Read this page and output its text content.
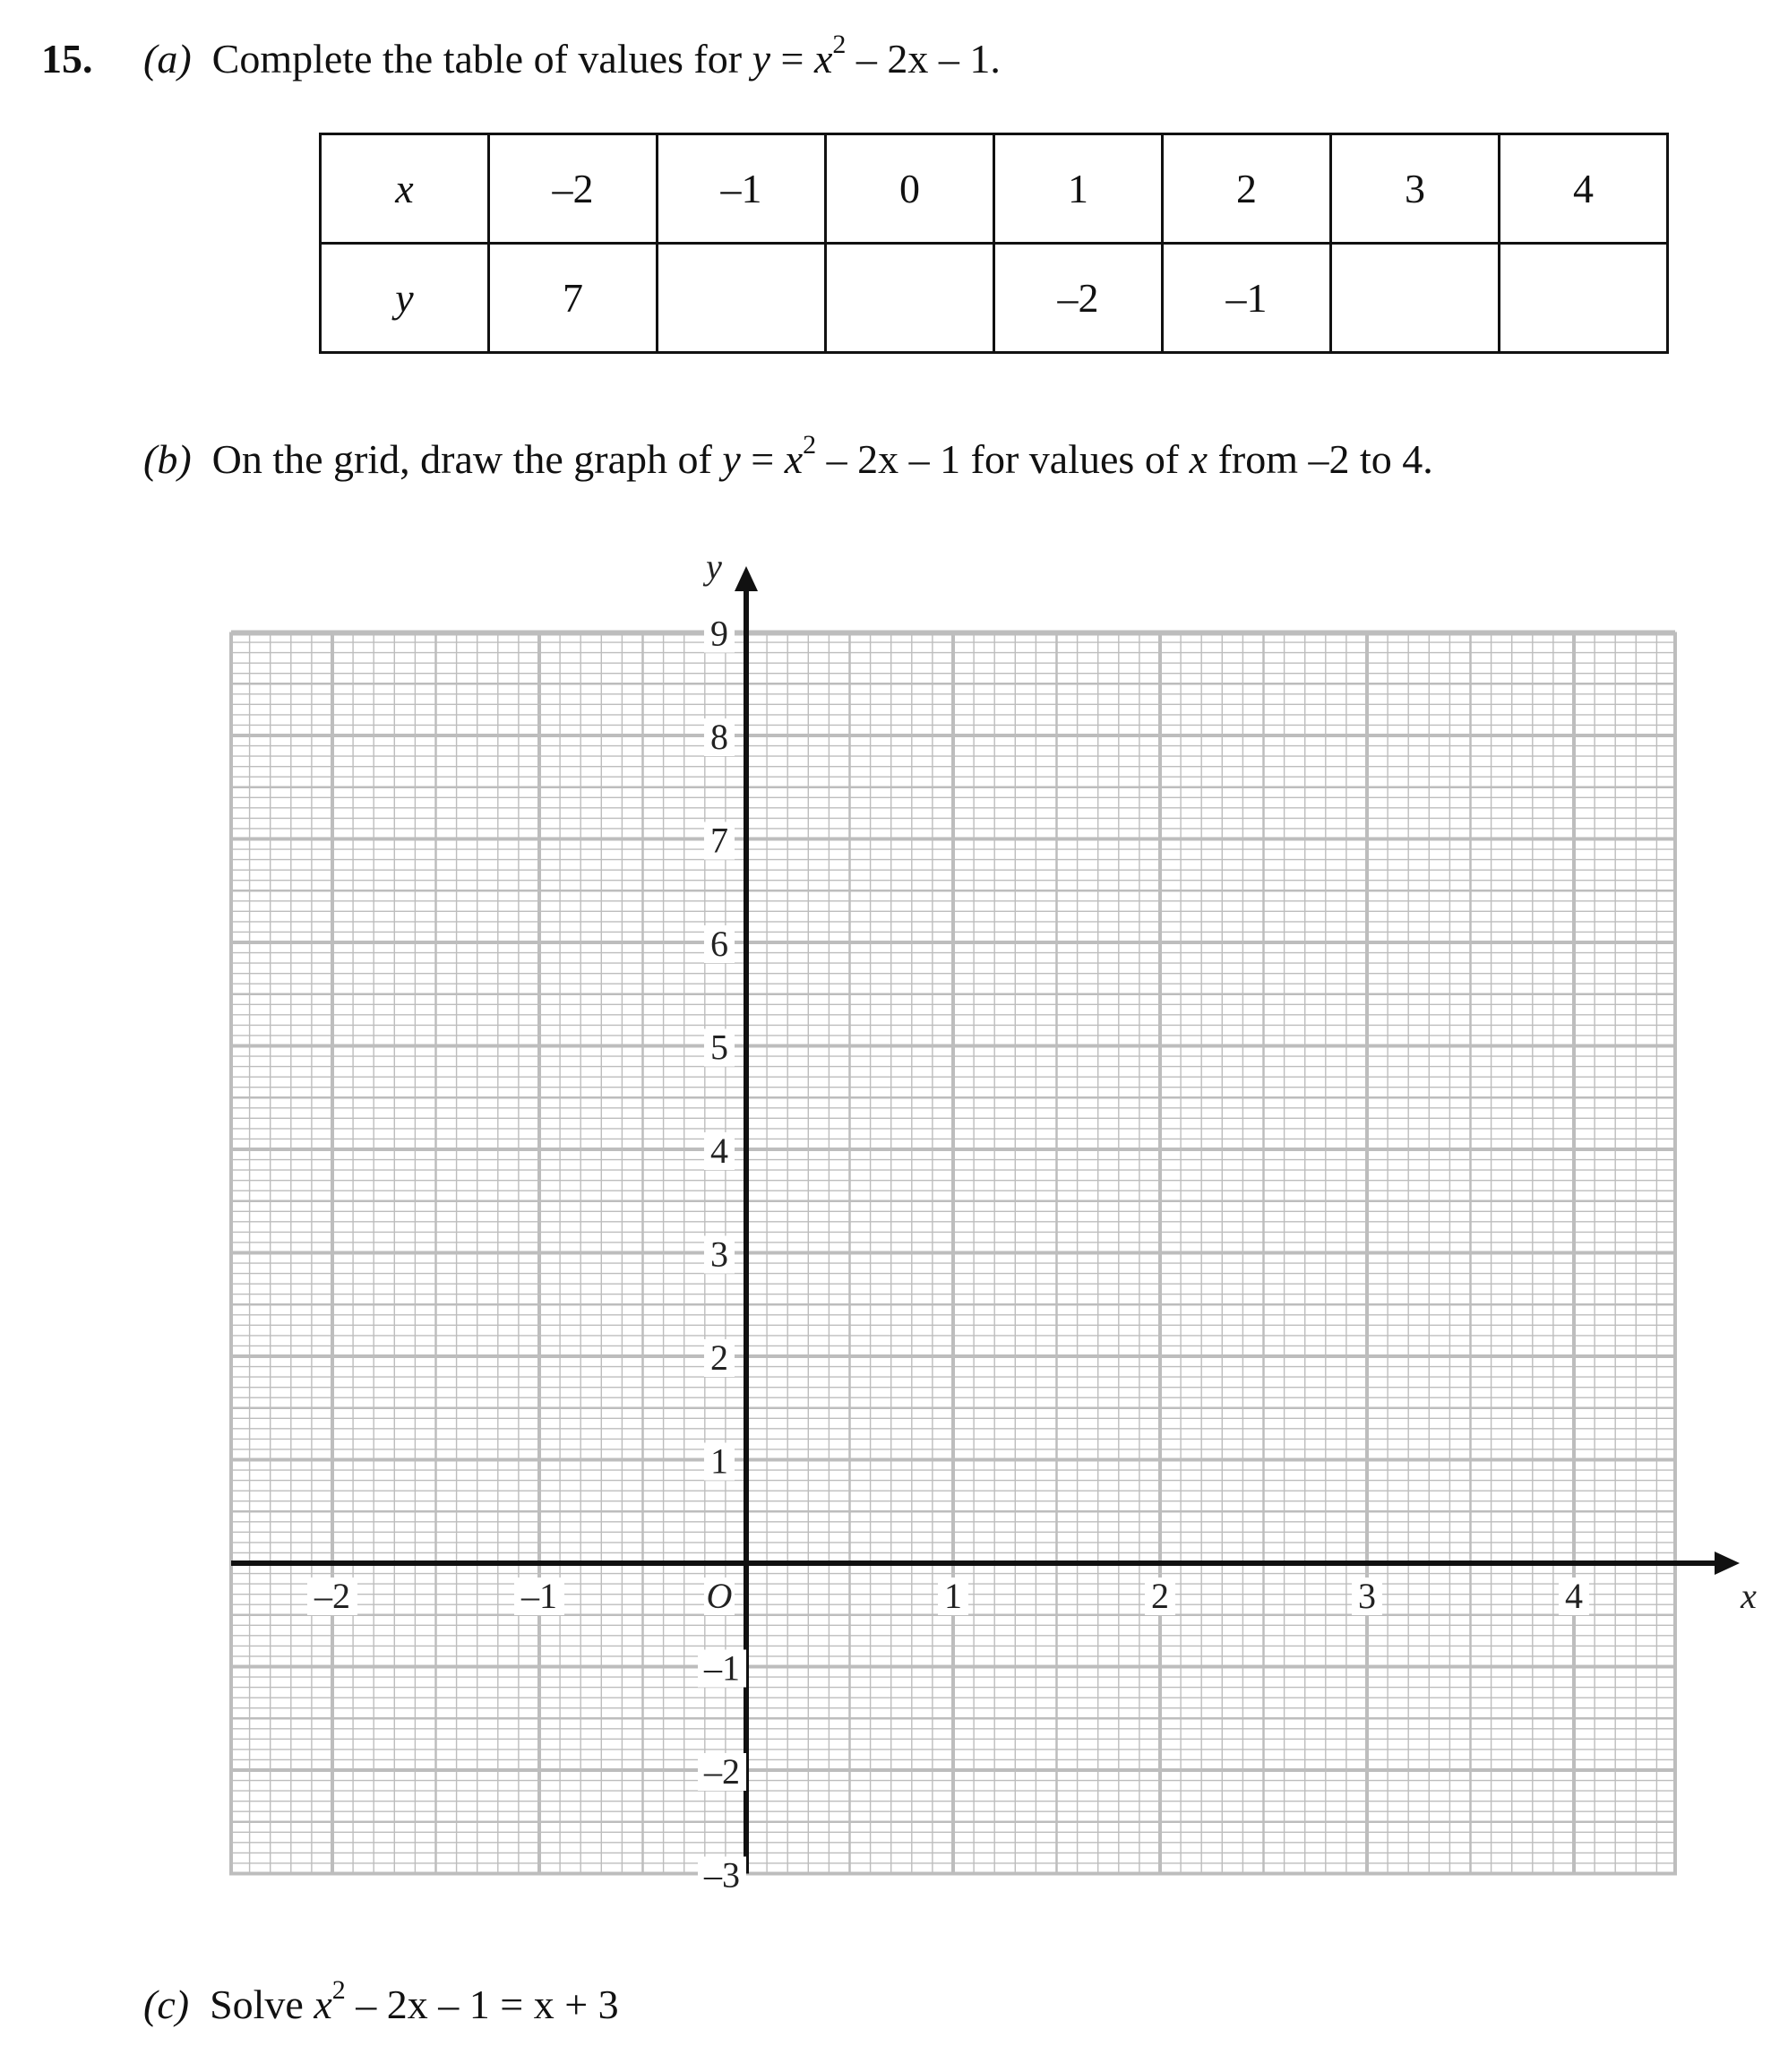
15. (a) Complete the table of values for $y = x^2 - 2x - 1$.
x	–2	–1	0	1	2	3	4
y	7			–2	–1		
(b) On the grid, draw the graph of $y = x^2 - 2x - 1$ for values of x from –2 to 4.
–2	–1	1	2	3	4
9
8
7
6
5
4
3
2
1
–1
–2
–3
O	x
y
(c) Solve $x^2 - 2x - 1 = x + 3$
